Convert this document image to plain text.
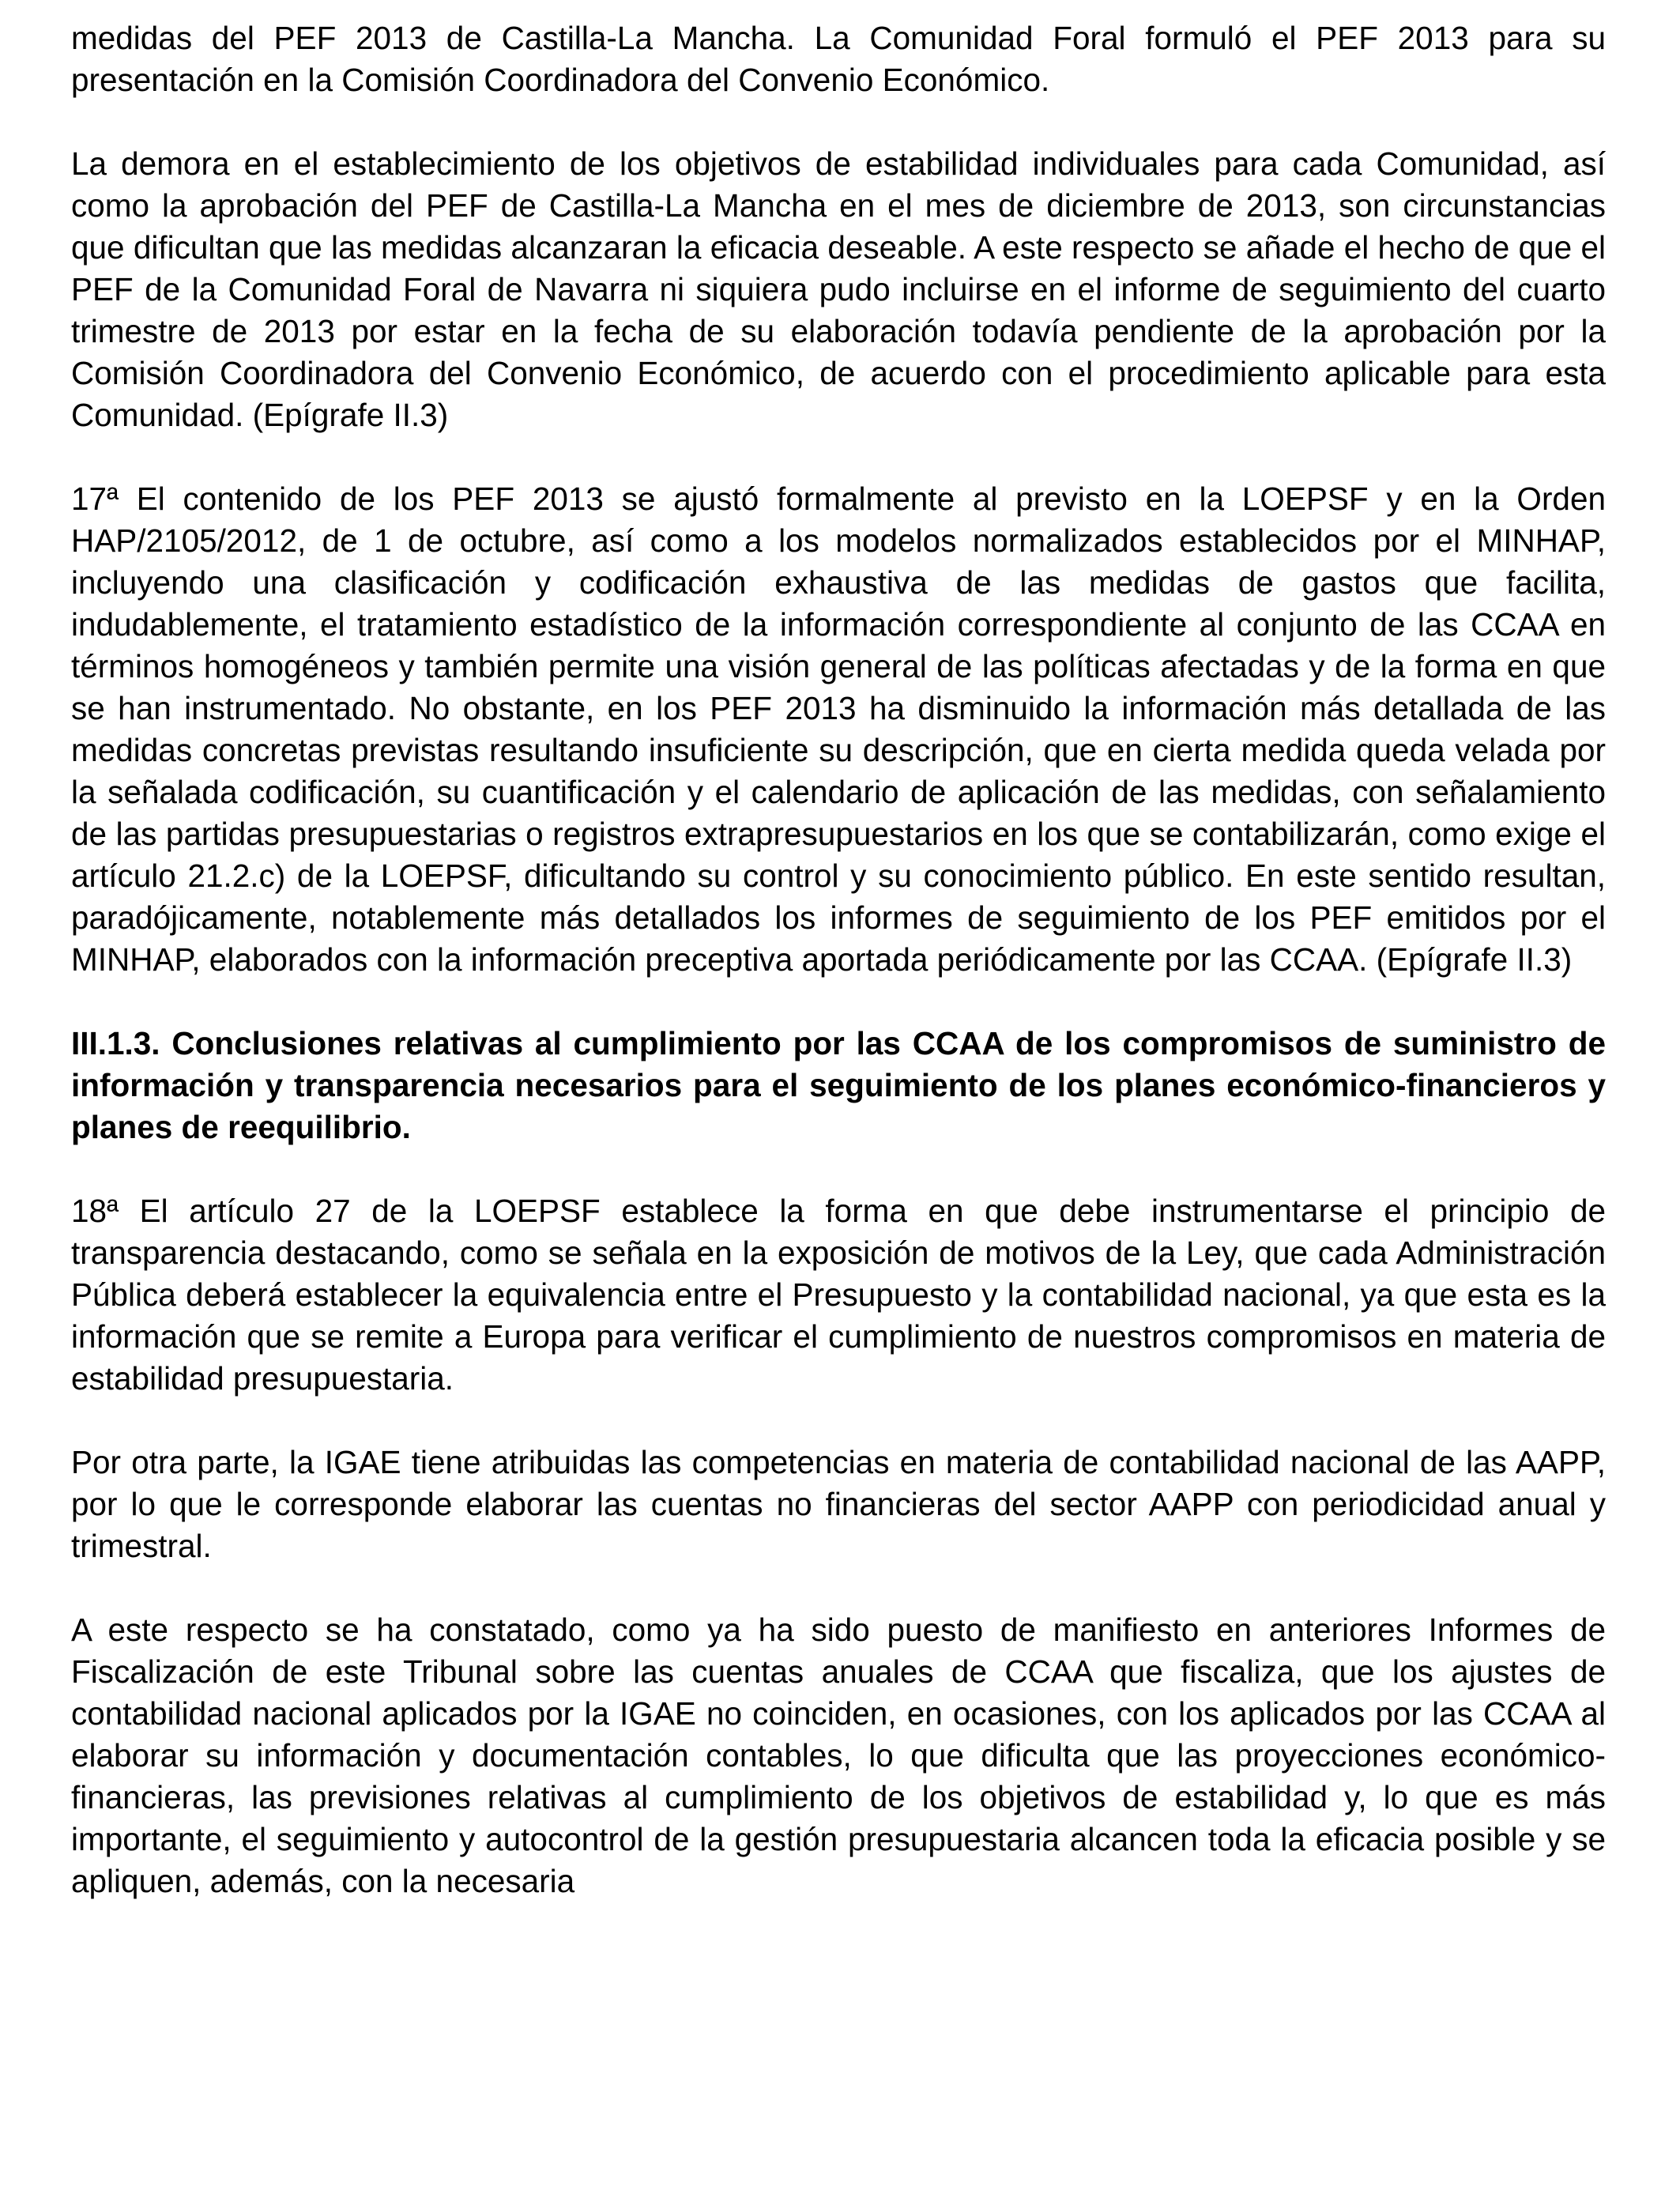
medidas del PEF 2013 de Castilla-La Mancha. La Comunidad Foral formuló el PEF 2013 para su presentación en la Comisión Coordinadora del Convenio Económico.

La demora en el establecimiento de los objetivos de estabilidad individuales para cada Comunidad, así como la aprobación del PEF de Castilla-La Mancha en el mes de diciembre de 2013, son circunstancias que dificultan que las medidas alcanzaran la eficacia deseable. A este respecto se añade el hecho de que el PEF de la Comunidad Foral de Navarra ni siquiera pudo incluirse en el informe de seguimiento del cuarto trimestre de 2013 por estar en la fecha de su elaboración todavía pendiente de la aprobación por la Comisión Coordinadora del Convenio Económico, de acuerdo con el procedimiento aplicable para esta Comunidad. (Epígrafe II.3)

17ª El contenido de los PEF 2013 se ajustó formalmente al previsto en la LOEPSF y en la Orden HAP/2105/2012, de 1 de octubre, así como a los modelos normalizados establecidos por el MINHAP, incluyendo una clasificación y codificación exhaustiva de las medidas de gastos que facilita, indudablemente, el tratamiento estadístico de la información correspondiente al conjunto de las CCAA en términos homogéneos y también permite una visión general de las políticas afectadas y de la forma en que se han instrumentado. No obstante, en los PEF 2013 ha disminuido la información más detallada de las medidas concretas previstas resultando insuficiente su descripción, que en cierta medida queda velada por la señalada codificación, su cuantificación y el calendario de aplicación de las medidas, con señalamiento de las partidas presupuestarias o registros extrapresupuestarios en los que se contabilizarán, como exige el artículo 21.2.c) de la LOEPSF, dificultando su control y su conocimiento público. En este sentido resultan, paradójicamente, notablemente más detallados los informes de seguimiento de los PEF emitidos por el MINHAP, elaborados con la información preceptiva aportada periódicamente por las CCAA. (Epígrafe II.3)

III.1.3. Conclusiones relativas al cumplimiento por las CCAA de los compromisos de suministro de información y transparencia necesarios para el seguimiento de los planes económico-financieros y planes de reequilibrio.

18ª El artículo 27 de la LOEPSF establece la forma en que debe instrumentarse el principio de transparencia destacando, como se señala en la exposición de motivos de la Ley, que cada Administración Pública deberá establecer la equivalencia entre el Presupuesto y la contabilidad nacional, ya que esta es la información que se remite a Europa para verificar el cumplimiento de nuestros compromisos en materia de estabilidad presupuestaria.

Por otra parte, la IGAE tiene atribuidas las competencias en materia de contabilidad nacional de las AAPP, por lo que le corresponde elaborar las cuentas no financieras del sector AAPP con periodicidad anual y trimestral.

A este respecto se ha constatado, como ya ha sido puesto de manifiesto en anteriores Informes de Fiscalización de este Tribunal sobre las cuentas anuales de CCAA que fiscaliza, que los ajustes de contabilidad nacional aplicados por la IGAE no coinciden, en ocasiones, con los aplicados por las CCAA al elaborar su información y documentación contables, lo que dificulta que las proyecciones económico-financieras, las previsiones relativas al cumplimiento de los objetivos de estabilidad y, lo que es más importante, el seguimiento y autocontrol de la gestión presupuestaria alcancen toda la eficacia posible y se apliquen, además, con la necesaria
